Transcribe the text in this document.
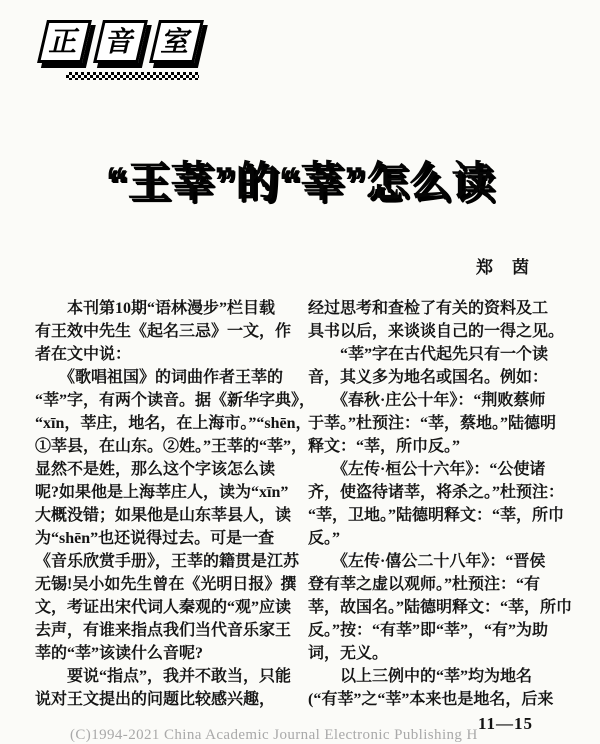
正 音 室
“王莘”的“莘”怎么读
郑　茵
　　本刊第10期“语林漫步”栏目载
有王效中先生《起名三忌》一文，作
者在文中说：
　　《歌唱祖国》的词曲作者王莘的
“莘”字，有两个读音。据《新华字典》，
“xīn，莘庄，地名，在上海市。”“shēn，
①莘县，在山东。②姓。”王莘的“莘”，
显然不是姓，那么这个字该怎么读
呢?如果他是上海莘庄人，读为“xīn”
大概没错；如果他是山东莘县人，读
为“shēn”也还说得过去。可是一查
《音乐欣赏手册》，王莘的籍贯是江苏
无锡!吴小如先生曾在《光明日报》撰
文，考证出宋代词人秦观的“观”应读
去声，有谁来指点我们当代音乐家王
莘的“莘”该读什么音呢?
　　要说“指点”，我并不敢当，只能
说对王文提出的问题比较感兴趣，
经过思考和查检了有关的资料及工
具书以后，来谈谈自己的一得之见。
　　“莘”字在古代起先只有一个读
音，其义多为地名或国名。例如：
　　《春秋·庄公十年》：“荆败蔡师
于莘。”杜预注：“莘，蔡地。”陆德明
释文：“莘，所巾反。”
　　《左传·桓公十六年》：“公使诸
齐，使盗待诸莘，将杀之。”杜预注：
“莘，卫地。”陆德明释文：“莘，所巾
反。”
　　《左传·僖公二十八年》：“晋侯
登有莘之虚以观师。”杜预注：“有
莘，故国名。”陆德明释文：“莘，所巾
反。”按：“有莘”即“莘”，“有”为助
词，无义。
　　以上三例中的“莘”均为地名
(“有莘”之“莘”本来也是地名，后来
11—15
(C)1994-2021 China Academic Journal Electronic Publishing H
